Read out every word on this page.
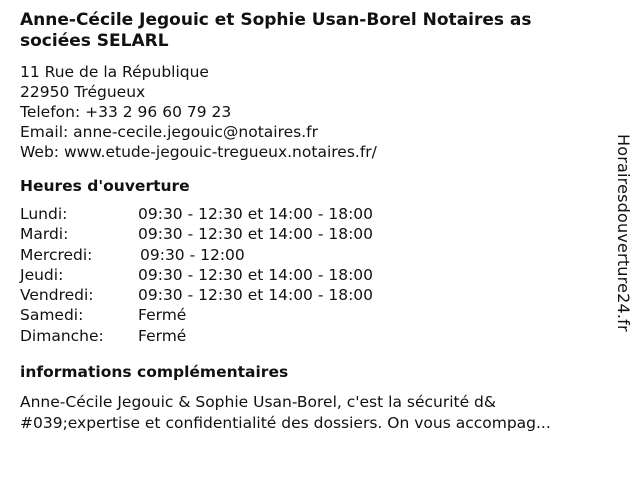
Anne-Cécile Jegouic et Sophie Usan-Borel Notaires as
sociées SELARL
11 Rue de la République
22950 Trégueux
Telefon: +33 2 96 60 79 23
Email: anne-cecile.jegouic@notaires.fr
Web: www.etude-jegouic-tregueux.notaires.fr/
Heures d'ouverture
Lundi:	09:30 - 12:30 et 14:00 - 18:00
Mardi:	09:30 - 12:30 et 14:00 - 18:00
Mercredi:	09:30 - 12:00
Jeudi:	09:30 - 12:30 et 14:00 - 18:00
Vendredi:	09:30 - 12:30 et 14:00 - 18:00
Samedi:	Fermé
Dimanche:	Fermé
informations complémentaires
Anne-Cécile Jegouic & Sophie Usan-Borel, c'est la sécurité d&
#039;expertise et confidentialité des dossiers. On vous accompag...
Horairesdouverture24.fr
